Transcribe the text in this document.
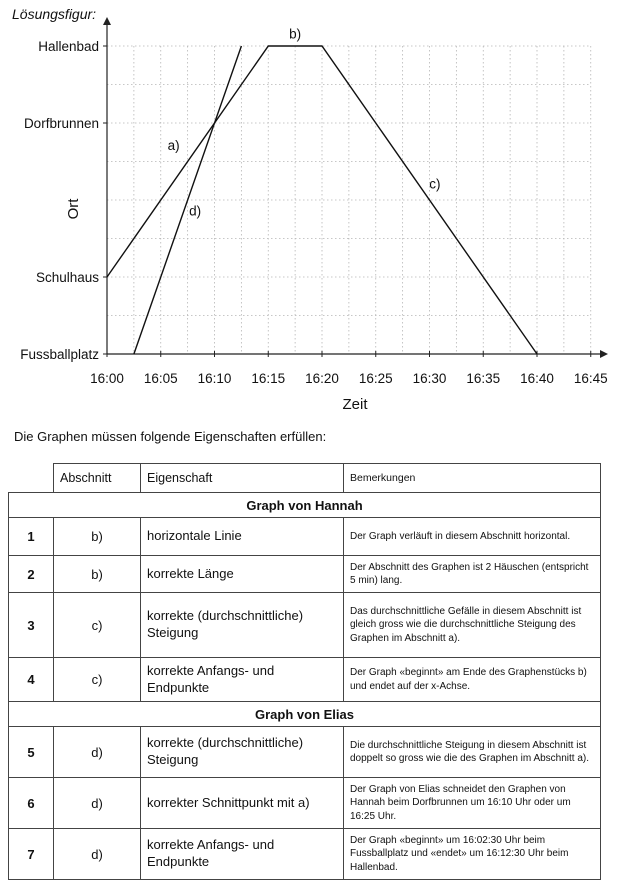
Lösungsfigur:
16:00 16:05 16:10 16:15 16:20 16:25 16:30 16:35 16:40 16:45
Fussballplatz
Schulhaus
Dorfbrunnen
Hallenbad
Zeit
Ort
a)
b)
c)
d)
Die Graphen müssen folgende Eigenschaften erfüllen:
	Abschnitt	Eigenschaft	Bemerkungen
Graph von Hannah			
1	b)	horizontale Linie	Der Graph verläuft in diesem Abschnitt horizontal.
2	b)	korrekte Länge	Der Abschnitt des Graphen ist 2 Häuschen (entspricht 5 min) lang.
3	c)	korrekte (durchschnittliche) Steigung	Das durchschnittliche Gefälle in diesem Abschnitt ist gleich gross wie die durchschnittliche Steigung des Graphen im Abschnitt a).
4	c)	korrekte Anfangs- und Endpunkte	Der Graph «beginnt» am Ende des Graphenstücks b) und endet auf der x-Achse.
Graph von Elias			
5	d)	korrekte (durchschnittliche) Steigung	Die durchschnittliche Steigung in diesem Abschnitt ist doppelt so gross wie die des Graphen im Abschnitt a).
6	d)	korrekter Schnittpunkt mit a)	Der Graph von Elias schneidet den Graphen von Hannah beim Dorfbrunnen um 16:10 Uhr oder um 16:25 Uhr.
7	d)	korrekte Anfangs- und Endpunkte	Der Graph «beginnt» um 16:02:30 Uhr beim Fussballplatz und «endet» um 16:12:30 Uhr beim Hallenbad.
